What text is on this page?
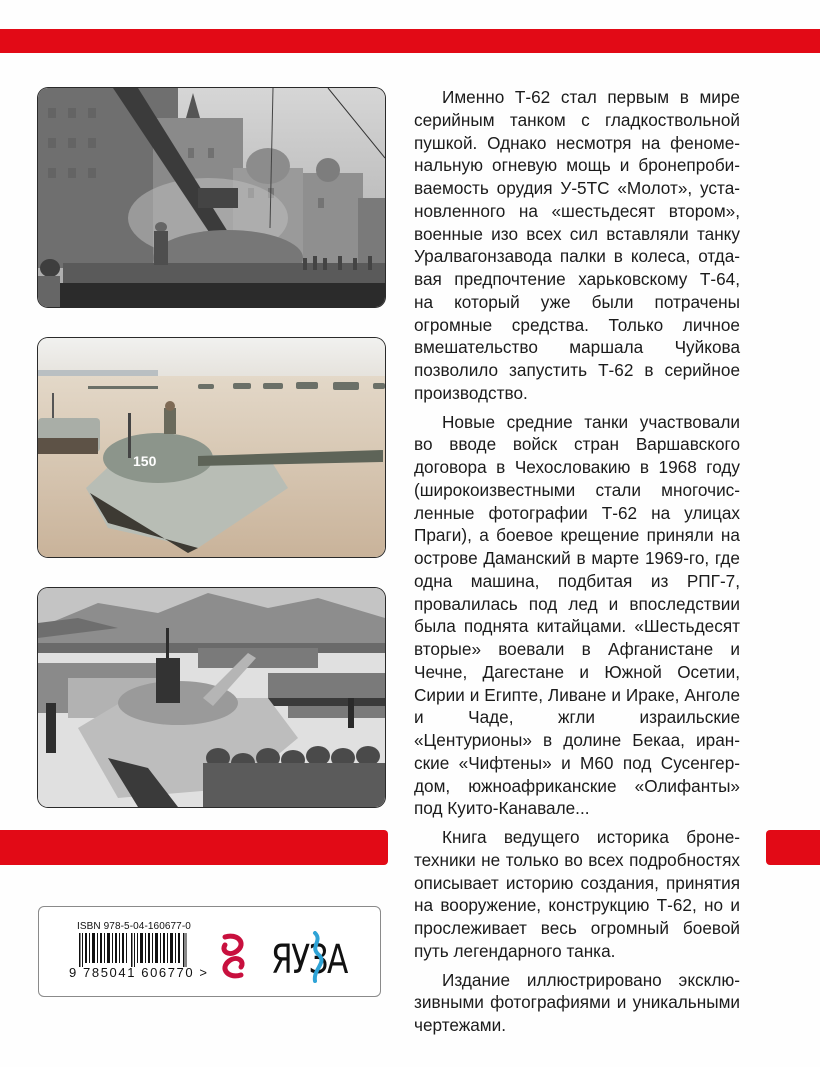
150

Именно Т-62 стал первым в мире серийным танком с гладкоствольной пушкой. Однако несмотря на феноменальную огневую мощь и бронепробиваемость орудия У-5ТС «Молот», установленного на «шестьдесят втором», военные изо всех сил вставляли танку Уралвагонзавода палки в колеса, отдавая предпочтение харьковскому Т-64, на который уже были потрачены огромные средства. Только личное вмешательство маршала Чуйкова позволило запустить Т-62 в серийное производство.

Новые средние танки участвовали во вводе войск стран Варшавского договора в Чехословакию в 1968 году (широкоизвестными стали многочисленные фотографии Т-62 на улицах Праги), а боевое крещение приняли на острове Даманский в марте 1969-го, где одна машина, подбитая из РПГ-7, провалилась под лед и впоследствии была поднята китайцами. «Шестьдесят вторые» воевали в Афганистане и Чечне, Дагестане и Южной Осетии, Сирии и Египте, Ливане и Ираке, Анголе и Чаде, жгли израильские «Центурионы» в долине Бекаа, иранские «Чифтены» и М60 под Сусенгердом, южноафриканские «Олифанты» под Куито-Канавале...

Книга ведущего историка бронетехники не только во всех подробностях описывает историю создания, принятия на вооружение, конструкцию Т-62, но и прослеживает весь огромный боевой путь легендарного танка.

Издание иллюстрировано эксклюзивными фотографиями и уникальными чертежами.

ISBN 978-5-04-160677-0
9 785041 606770 > ЯУЗА
